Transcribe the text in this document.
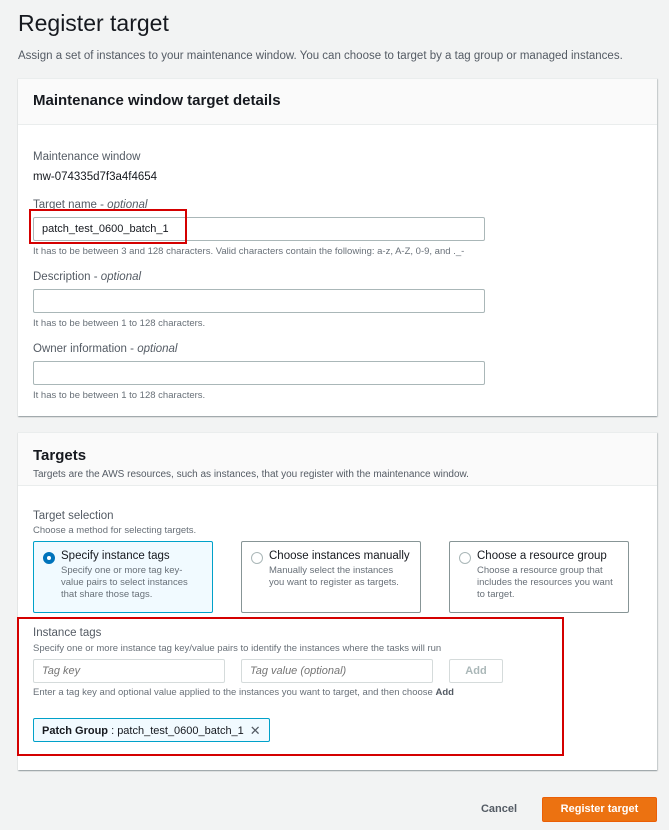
Register target

Assign a set of instances to your maintenance window. You can choose to target by a tag group or managed instances.

Maintenance window target details
Maintenance window
mw-074335d7f3a4f4654
Target name - optional
patch_test_0600_batch_1
It has to be between 3 and 128 characters. Valid characters contain the following: a-z, A-Z, 0-9, and ._-
Description - optional
It has to be between 1 to 128 characters.
Owner information - optional
It has to be between 1 to 128 characters.
Targets

Targets are the AWS resources, such as instances, that you register with the maintenance window.

Target selection
Choose a method for selecting targets.
Specify instance tags
Specify one or more tag key-
value pairs to select instances
that share those tags.
Choose instances manually
Manually select the instances
you want to register as targets.
Choose a resource group
Choose a resource group that
includes the resources you want
to target.
Instance tags
Specify one or more instance tag key/value pairs to identify the instances where the tasks will run
Tag key
Tag value (optional)
Add
Enter a tag key and optional value applied to the instances you want to target, and then choose Add
Patch Group : patch_test_0600_batch_1 ✕
Cancel	Register target
